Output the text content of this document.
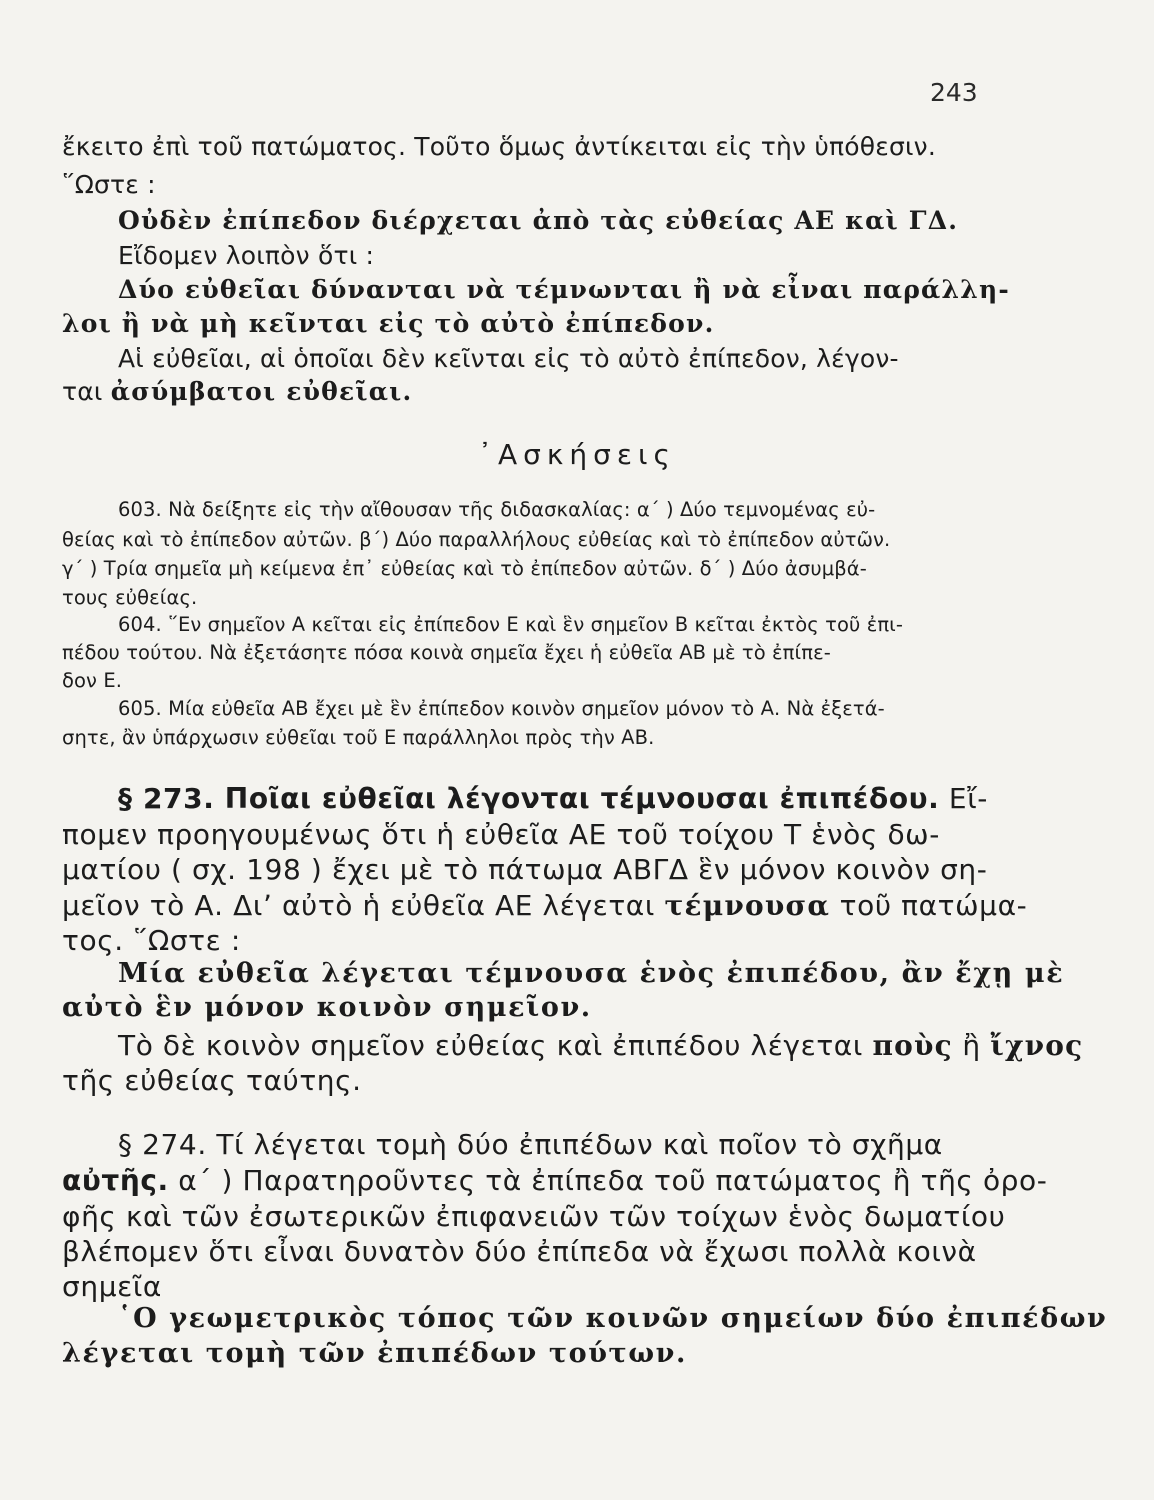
243
ἔκειτο ἐπὶ τοῦ πατώματος. Τοῦτο ὅμως ἀντίκειται εἰς τὴν ὑπόθεσιν.
῞Ωστε :
Οὐδὲν ἐπίπεδον διέρχεται ἀπὸ τὰς εὐθείας ΑΕ καὶ ΓΔ.
Εἴδομεν λοιπὸν ὅτι :
Δύο εὐθεῖαι δύνανται νὰ τέμνωνται ἢ νὰ εἶναι παράλλη-
λοι ἢ νὰ μὴ κεῖνται εἰς τὸ αὐτὸ ἐπίπεδον.
Αἱ εὐθεῖαι, αἱ ὁποῖαι δὲν κεῖνται εἰς τὸ αὐτὸ ἐπίπεδον, λέγον-
ται ἀσύμβατοι εὐθεῖαι.
᾿Ασκήσεις
603. Νὰ δείξητε εἰς τὴν αἴθουσαν τῆς διδασκαλίας: α΄ ) Δύο τεμνομένας εὐ-
θείας καὶ τὸ ἐπίπεδον αὐτῶν. β΄) Δύο παραλλήλους εὐθείας καὶ τὸ ἐπίπεδον αὐτῶν.
γ΄ ) Τρία σημεῖα μὴ κείμενα ἐπ᾿ εὐθείας καὶ τὸ ἐπίπεδον αὐτῶν. δ΄ ) Δύο ἀσυμβά-
τους εὐθείας.
604. ῞Εν σημεῖον Α κεῖται εἰς ἐπίπεδον Ε καὶ ἓν σημεῖον Β κεῖται ἐκτὸς τοῦ ἐπι-
πέδου τούτου. Νὰ ἐξετάσητε πόσα κοινὰ σημεῖα ἔχει ἡ εὐθεῖα ΑΒ μὲ τὸ ἐπίπε-
δον Ε.
605. Μία εὐθεῖα ΑΒ ἔχει μὲ ἓν ἐπίπεδον κοινὸν σημεῖον μόνον τὸ Α. Νὰ ἐξετά-
σητε, ἂν ὑπάρχωσιν εὐθεῖαι τοῦ Ε παράλληλοι πρὸς τὴν ΑΒ.
§ 273. Ποῖαι εὐθεῖαι λέγονται τέμνουσαι ἐπιπέδου. Εἴ-
πομεν προηγουμένως ὅτι ἡ εὐθεῖα ΑΕ τοῦ τοίχου Τ ἑνὸς δω-
ματίου ( σχ. 198 ) ἔχει μὲ τὸ πάτωμα ΑΒΓΔ ἓν μόνον κοινὸν ση-
μεῖον τὸ Α. Διʼ αὐτὸ ἡ εὐθεῖα ΑΕ λέγεται τέμνουσα τοῦ πατώμα-
τος. ῞Ωστε :
Μία εὐθεῖα λέγεται τέμνουσα ἑνὸς ἐπιπέδου, ἂν ἔχῃ μὲ
αὐτὸ ἓν μόνον κοινὸν σημεῖον.
Τὸ δὲ κοινὸν σημεῖον εὐθείας καὶ ἐπιπέδου λέγεται ποὺς ἢ ἴχνος
τῆς εὐθείας ταύτης.
§ 274. Τί λέγεται τομὴ δύο ἐπιπέδων καὶ ποῖον τὸ σχῆμα
αὐτῆς. α΄ ) Παρατηροῦντες τὰ ἐπίπεδα τοῦ πατώματος ἢ τῆς ὀρο-
φῆς καὶ τῶν ἐσωτερικῶν ἐπιφανειῶν τῶν τοίχων ἑνὸς δωματίου
βλέπομεν ὅτι εἶναι δυνατὸν δύο ἐπίπεδα νὰ ἔχωσι πολλὰ κοινὰ
σημεῖα
῾Ο γεωμετρικὸς τόπος τῶν κοινῶν σημείων δύο ἐπιπέδων
λέγεται τομὴ τῶν ἐπιπέδων τούτων.
